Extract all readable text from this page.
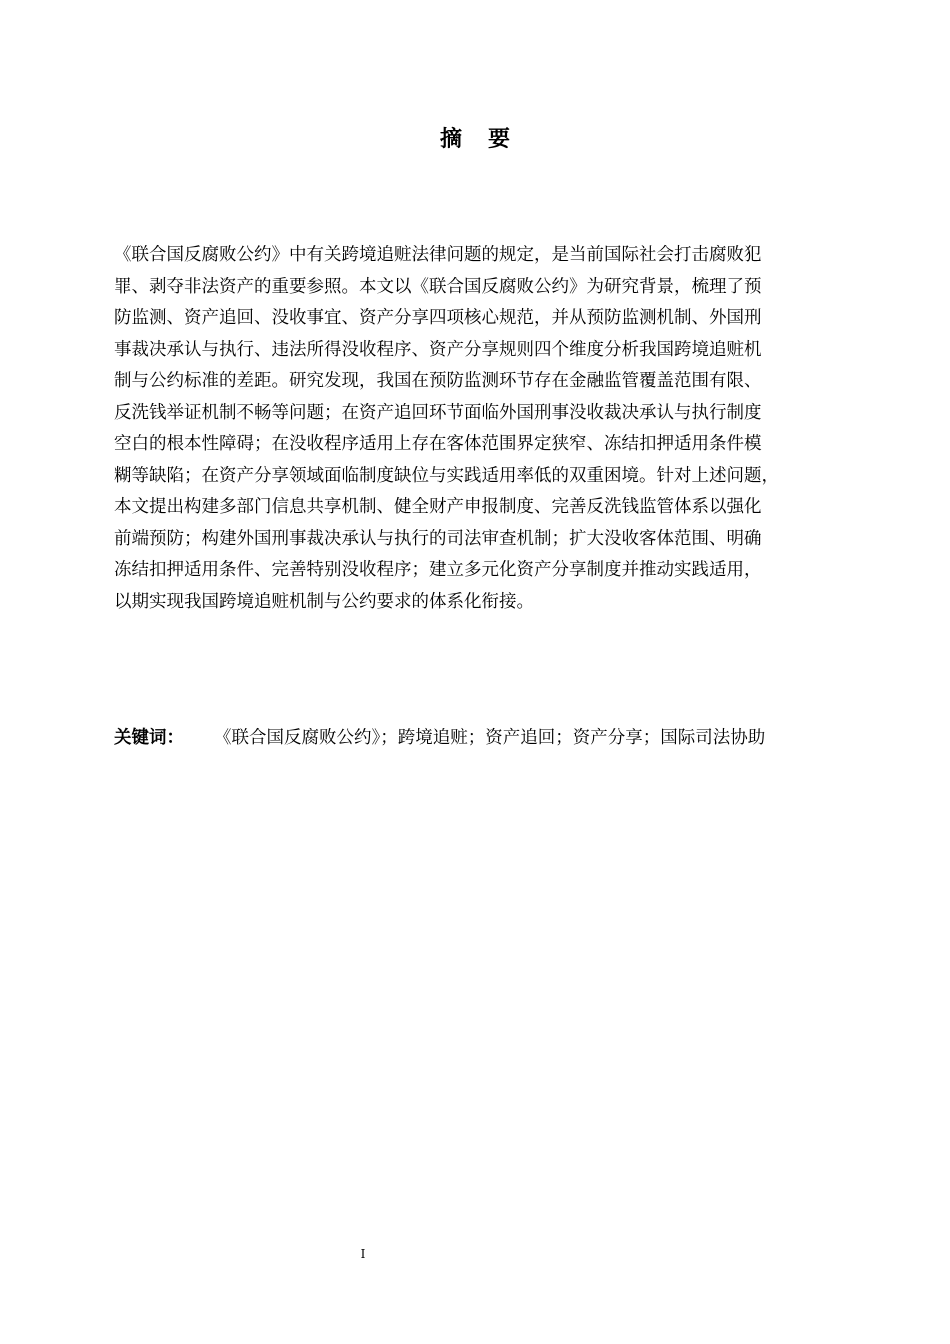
摘 要
《联合国反腐败公约》中有关跨境追赃法律问题的规定，是当前国际社会打击腐败犯
罪、剥夺非法资产的重要参照。本文以《联合国反腐败公约》为研究背景，梳理了预
防监测、资产追回、没收事宜、资产分享四项核心规范，并从预防监测机制、外国刑
事裁决承认与执行、违法所得没收程序、资产分享规则四个维度分析我国跨境追赃机
制与公约标准的差距。研究发现，我国在预防监测环节存在金融监管覆盖范围有限、
反洗钱举证机制不畅等问题；在资产追回环节面临外国刑事没收裁决承认与执行制度
空白的根本性障碍；在没收程序适用上存在客体范围界定狭窄、冻结扣押适用条件模
糊等缺陷；在资产分享领域面临制度缺位与实践适用率低的双重困境。针对上述问题，
本文提出构建多部门信息共享机制、健全财产申报制度、完善反洗钱监管体系以强化
前端预防；构建外国刑事裁决承认与执行的司法审查机制；扩大没收客体范围、明确
冻结扣押适用条件、完善特别没收程序；建立多元化资产分享制度并推动实践适用，
以期实现我国跨境追赃机制与公约要求的体系化衔接。
关键词： 《联合国反腐败公约》；跨境追赃；资产追回；资产分享；国际司法协助
I
